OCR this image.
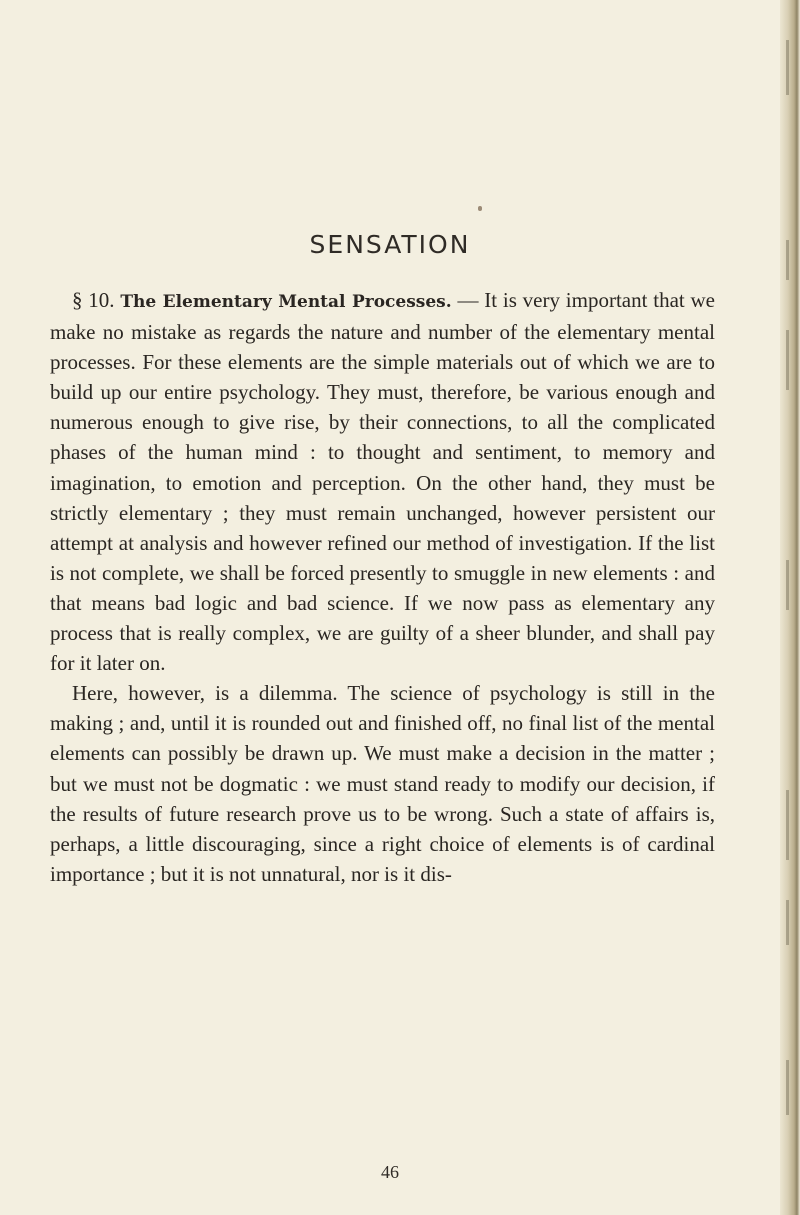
SENSATION

§ 10. The Elementary Mental Processes. — It is very important that we make no mistake as regards the nature and number of the elementary mental processes. For these elements are the simple materials out of which we are to build up our entire psychology. They must, therefore, be various enough and numerous enough to give rise, by their connections, to all the complicated phases of the human mind : to thought and sentiment, to memory and imagination, to emotion and perception. On the other hand, they must be strictly elementary ; they must remain unchanged, however persistent our attempt at analysis and however refined our method of investigation. If the list is not complete, we shall be forced presently to smuggle in new elements : and that means bad logic and bad science. If we now pass as elementary any process that is really complex, we are guilty of a sheer blunder, and shall pay for it later on.

Here, however, is a dilemma. The science of psychology is still in the making ; and, until it is rounded out and finished off, no final list of the mental elements can possibly be drawn up. We must make a decision in the matter ; but we must not be dogmatic : we must stand ready to modify our decision, if the results of future research prove us to be wrong. Such a state of affairs is, perhaps, a little discouraging, since a right choice of elements is of cardinal importance ; but it is not unnatural, nor is it dis-

46
